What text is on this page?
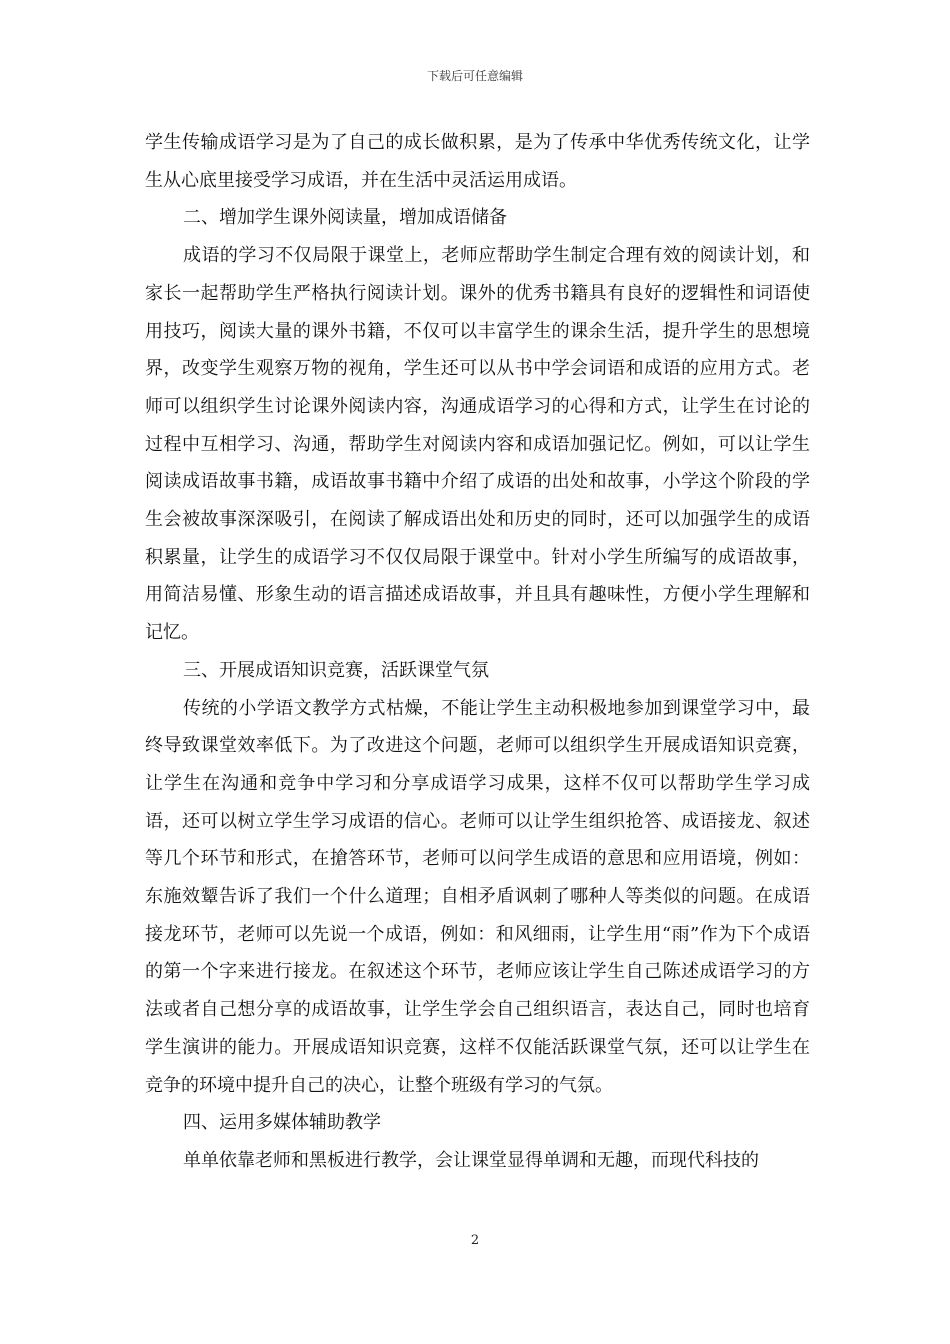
下载后可任意编辑

学生传输成语学习是为了自己的成长做积累，是为了传承中华优秀传统文化，让学生从心底里接受学习成语，并在生活中灵活运用成语。

二、增加学生课外阅读量，增加成语储备

成语的学习不仅局限于课堂上，老师应帮助学生制定合理有效的阅读计划，和家长一起帮助学生严格执行阅读计划。课外的优秀书籍具有良好的逻辑性和词语使用技巧，阅读大量的课外书籍，不仅可以丰富学生的课余生活，提升学生的思想境界，改变学生观察万物的视角，学生还可以从书中学会词语和成语的应用方式。老师可以组织学生讨论课外阅读内容，沟通成语学习的心得和方式，让学生在讨论的过程中互相学习、沟通，帮助学生对阅读内容和成语加强记忆。例如，可以让学生阅读成语故事书籍，成语故事书籍中介绍了成语的出处和故事，小学这个阶段的学生会被故事深深吸引，在阅读了解成语出处和历史的同时，还可以加强学生的成语积累量，让学生的成语学习不仅仅局限于课堂中。针对小学生所编写的成语故事，用简洁易懂、形象生动的语言描述成语故事，并且具有趣味性，方便小学生理解和记忆。

三、开展成语知识竞赛，活跃课堂气氛

传统的小学语文教学方式枯燥，不能让学生主动积极地参加到课堂学习中，最终导致课堂效率低下。为了改进这个问题，老师可以组织学生开展成语知识竞赛，让学生在沟通和竞争中学习和分享成语学习成果，这样不仅可以帮助学生学习成语，还可以树立学生学习成语的信心。老师可以让学生组织抢答、成语接龙、叙述等几个环节和形式，在搶答环节，老师可以问学生成语的意思和应用语境，例如：东施效颦告诉了我们一个什么道理；自相矛盾讽刺了哪种人等类似的问题。在成语接龙环节，老师可以先说一个成语，例如：和风细雨，让学生用“雨”作为下个成语的第一个字来进行接龙。在叙述这个环节，老师应该让学生自己陈述成语学习的方法或者自己想分享的成语故事，让学生学会自己组织语言，表达自己，同时也培育学生演讲的能力。开展成语知识竞赛，这样不仅能活跃课堂气氛，还可以让学生在竞争的环境中提升自己的决心，让整个班级有学习的气氛。

四、运用多媒体辅助教学

单单依靠老师和黑板进行教学，会让课堂显得单调和无趣，而现代科技的

2
